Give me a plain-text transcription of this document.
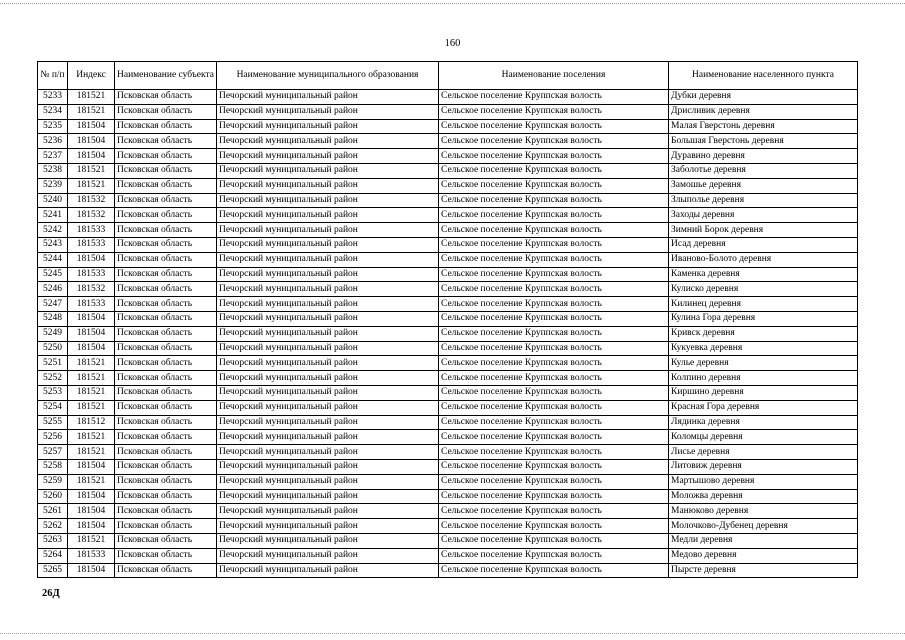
160
№ п/п	Индекс	Наименование субъекта	Наименование муниципального образования	Наименование поселения	Наименование населенного пункта
5233	181521	Псковская область	Печорский муниципальный район	Сельское поселение Круппская волость	Дубки деревня
5234	181521	Псковская область	Печорский муниципальный район	Сельское поселение Круппская волость	Дрисливик деревня
5235	181504	Псковская область	Печорский муниципальный район	Сельское поселение Круппская волость	Малая Гверстонь деревня
5236	181504	Псковская область	Печорский муниципальный район	Сельское поселение Круппская волость	Большая Гверстонь деревня
5237	181504	Псковская область	Печорский муниципальный район	Сельское поселение Круппская волость	Дуравино деревня
5238	181521	Псковская область	Печорский муниципальный район	Сельское поселение Круппская волость	Заболотье деревня
5239	181521	Псковская область	Печорский муниципальный район	Сельское поселение Круппская волость	Замошье деревня
5240	181532	Псковская область	Печорский муниципальный район	Сельское поселение Круппская волость	Злыполье деревня
5241	181532	Псковская область	Печорский муниципальный район	Сельское поселение Круппская волость	Заходы деревня
5242	181533	Псковская область	Печорский муниципальный район	Сельское поселение Круппская волость	Зимний Борок деревня
5243	181533	Псковская область	Печорский муниципальный район	Сельское поселение Круппская волость	Исад деревня
5244	181504	Псковская область	Печорский муниципальный район	Сельское поселение Круппская волость	Иваново-Болото деревня
5245	181533	Псковская область	Печорский муниципальный район	Сельское поселение Круппская волость	Каменка деревня
5246	181532	Псковская область	Печорский муниципальный район	Сельское поселение Круппская волость	Кулиско деревня
5247	181533	Псковская область	Печорский муниципальный район	Сельское поселение Круппская волость	Килинец деревня
5248	181504	Псковская область	Печорский муниципальный район	Сельское поселение Круппская волость	Кулина Гора деревня
5249	181504	Псковская область	Печорский муниципальный район	Сельское поселение Круппская волость	Кривск деревня
5250	181504	Псковская область	Печорский муниципальный район	Сельское поселение Круппская волость	Кукуевка деревня
5251	181521	Псковская область	Печорский муниципальный район	Сельское поселение Круппская волость	Кулье деревня
5252	181521	Псковская область	Печорский муниципальный район	Сельское поселение Круппская волость	Колпино деревня
5253	181521	Псковская область	Печорский муниципальный район	Сельское поселение Круппская волость	Киршино деревня
5254	181521	Псковская область	Печорский муниципальный район	Сельское поселение Круппская волость	Красная Гора деревня
5255	181512	Псковская область	Печорский муниципальный район	Сельское поселение Круппская волость	Лядинка деревня
5256	181521	Псковская область	Печорский муниципальный район	Сельское поселение Круппская волость	Коломцы деревня
5257	181521	Псковская область	Печорский муниципальный район	Сельское поселение Круппская волость	Лисье деревня
5258	181504	Псковская область	Печорский муниципальный район	Сельское поселение Круппская волость	Литовиж деревня
5259	181521	Псковская область	Печорский муниципальный район	Сельское поселение Круппская волость	Мартышово деревня
5260	181504	Псковская область	Печорский муниципальный район	Сельское поселение Круппская волость	Моложва деревня
5261	181504	Псковская область	Печорский муниципальный район	Сельское поселение Круппская волость	Манюково деревня
5262	181504	Псковская область	Печорский муниципальный район	Сельское поселение Круппская волость	Молочково-Дубенец деревня
5263	181521	Псковская область	Печорский муниципальный район	Сельское поселение Круппская волость	Медли деревня
5264	181533	Псковская область	Печорский муниципальный район	Сельское поселение Круппская волость	Медово деревня
5265	181504	Псковская область	Печорский муниципальный район	Сельское поселение Круппская волость	Пырсте деревня
26Д
